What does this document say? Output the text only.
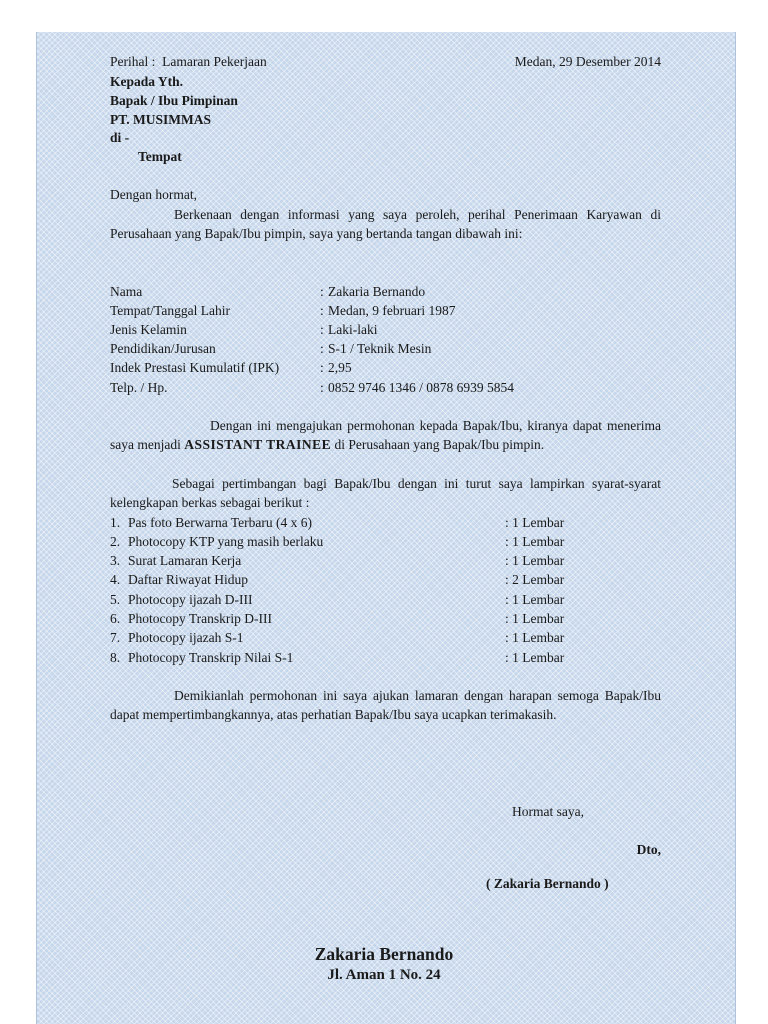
Perihal : Lamaran Pekerjaan	Medan, 29 Desember 2014
Kepada Yth.
Bapak / Ibu Pimpinan
PT. MUSIMMAS
di -
Tempat
Dengan hormat,
Berkenaan dengan informasi yang saya peroleh, perihal Penerimaan Karyawan di Perusahaan yang Bapak/Ibu pimpin, saya yang bertanda tangan dibawah ini:
Nama	: Zakaria Bernando
Tempat/Tanggal Lahir	: Medan, 9 februari 1987
Jenis Kelamin	: Laki-laki
Pendidikan/Jurusan	: S-1 / Teknik Mesin
Indek Prestasi Kumulatif (IPK)	: 2,95
Telp. / Hp.	: 0852 9746 1346 / 0878 6939 5854
Dengan ini mengajukan permohonan kepada Bapak/Ibu, kiranya dapat menerima saya menjadi ASSISTANT TRAINEE di Perusahaan yang Bapak/Ibu pimpin.
Sebagai pertimbangan bagi Bapak/Ibu dengan ini turut saya lampirkan syarat-syarat kelengkapan berkas sebagai berikut :
1. Pas foto Berwarna Terbaru (4 x 6)	: 1 Lembar
2. Photocopy KTP yang masih berlaku	: 1 Lembar
3. Surat Lamaran Kerja	: 1 Lembar
4. Daftar Riwayat Hidup	: 2 Lembar
5. Photocopy ijazah D-III	: 1 Lembar
6. Photocopy Transkrip D-III	: 1 Lembar
7. Photocopy ijazah S-1	: 1 Lembar
8. Photocopy Transkrip Nilai S-1	: 1 Lembar
Demikianlah permohonan ini saya ajukan lamaran dengan harapan semoga Bapak/Ibu dapat mempertimbangkannya, atas perhatian Bapak/Ibu saya ucapkan terimakasih.
Hormat saya,
Dto,
( Zakaria Bernando )
Zakaria Bernando
Jl. Aman 1 No. 24
